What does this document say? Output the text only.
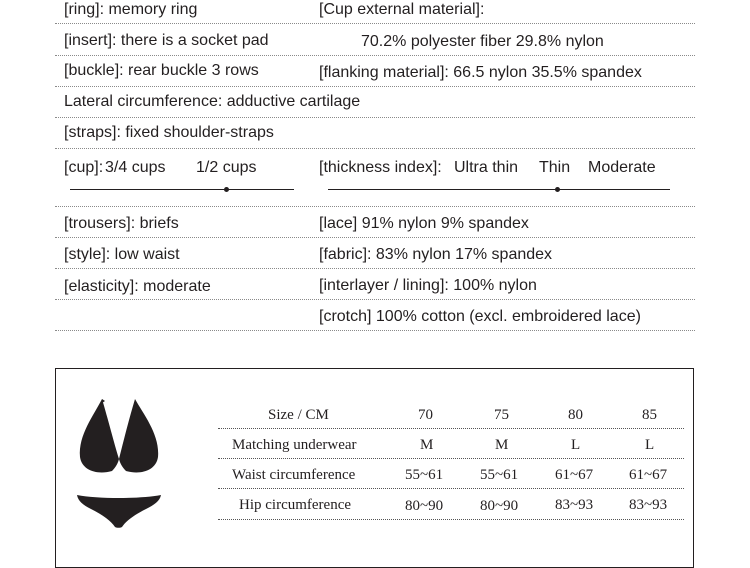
[ring]: memory ring	[Cup external material]:
[insert]: there is a socket pad	70.2% polyester fiber 29.8% nylon
[buckle]: rear buckle 3 rows	[flanking material]: 66.5 nylon 35.5% spandex
Lateral circumference: adductive cartilage
[straps]: fixed shoulder-straps
[cup]: 3/4 cups 1/2 cups	[thickness index]: Ultra thin Thin Moderate
[trousers]: briefs	[lace] 91% nylon 9% spandex
[style]: low waist	[fabric]: 83% nylon 17% spandex
[elasticity]: moderate	[interlayer / lining]: 100% nylon
[crotch] 100% cotton (excl. embroidered lace)
Size / CM	70	75	80	85
Matching underwear	M	M	L	L
Waist circumference	55~61 55~61 61~67 61~67
Hip circumference	80~90 80~90 83~93 83~93
